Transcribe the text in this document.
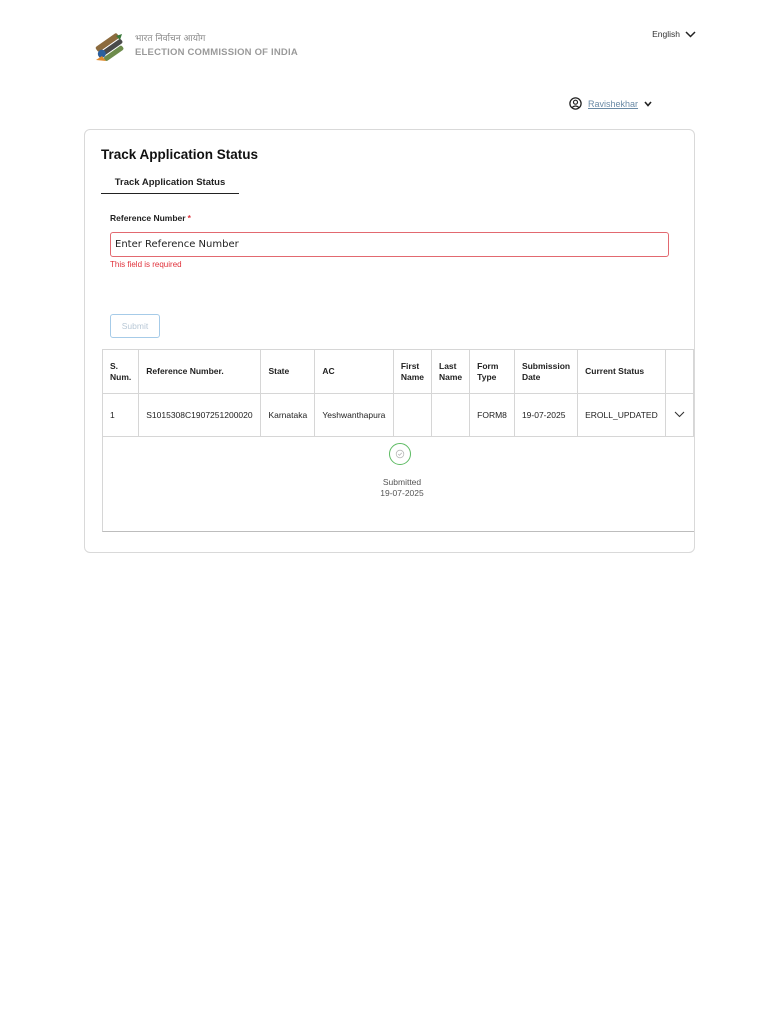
भारत निर्वाचन आयोग
ELECTION COMMISSION OF INDIA
English
Ravishekhar
Track Application Status
Track Application Status
Reference Number *
Enter Reference Number
This field is required
Submit
S. Num.	Reference Number.	State	AC	First Name	Last Name	Form Type	Submission Date	Current Status	
1	S1015308C1907251200020	Karnataka	Yeshwanthapura			FORM8	19-07-2025	EROLL_UPDATED	
Submitted
19-07-2025
